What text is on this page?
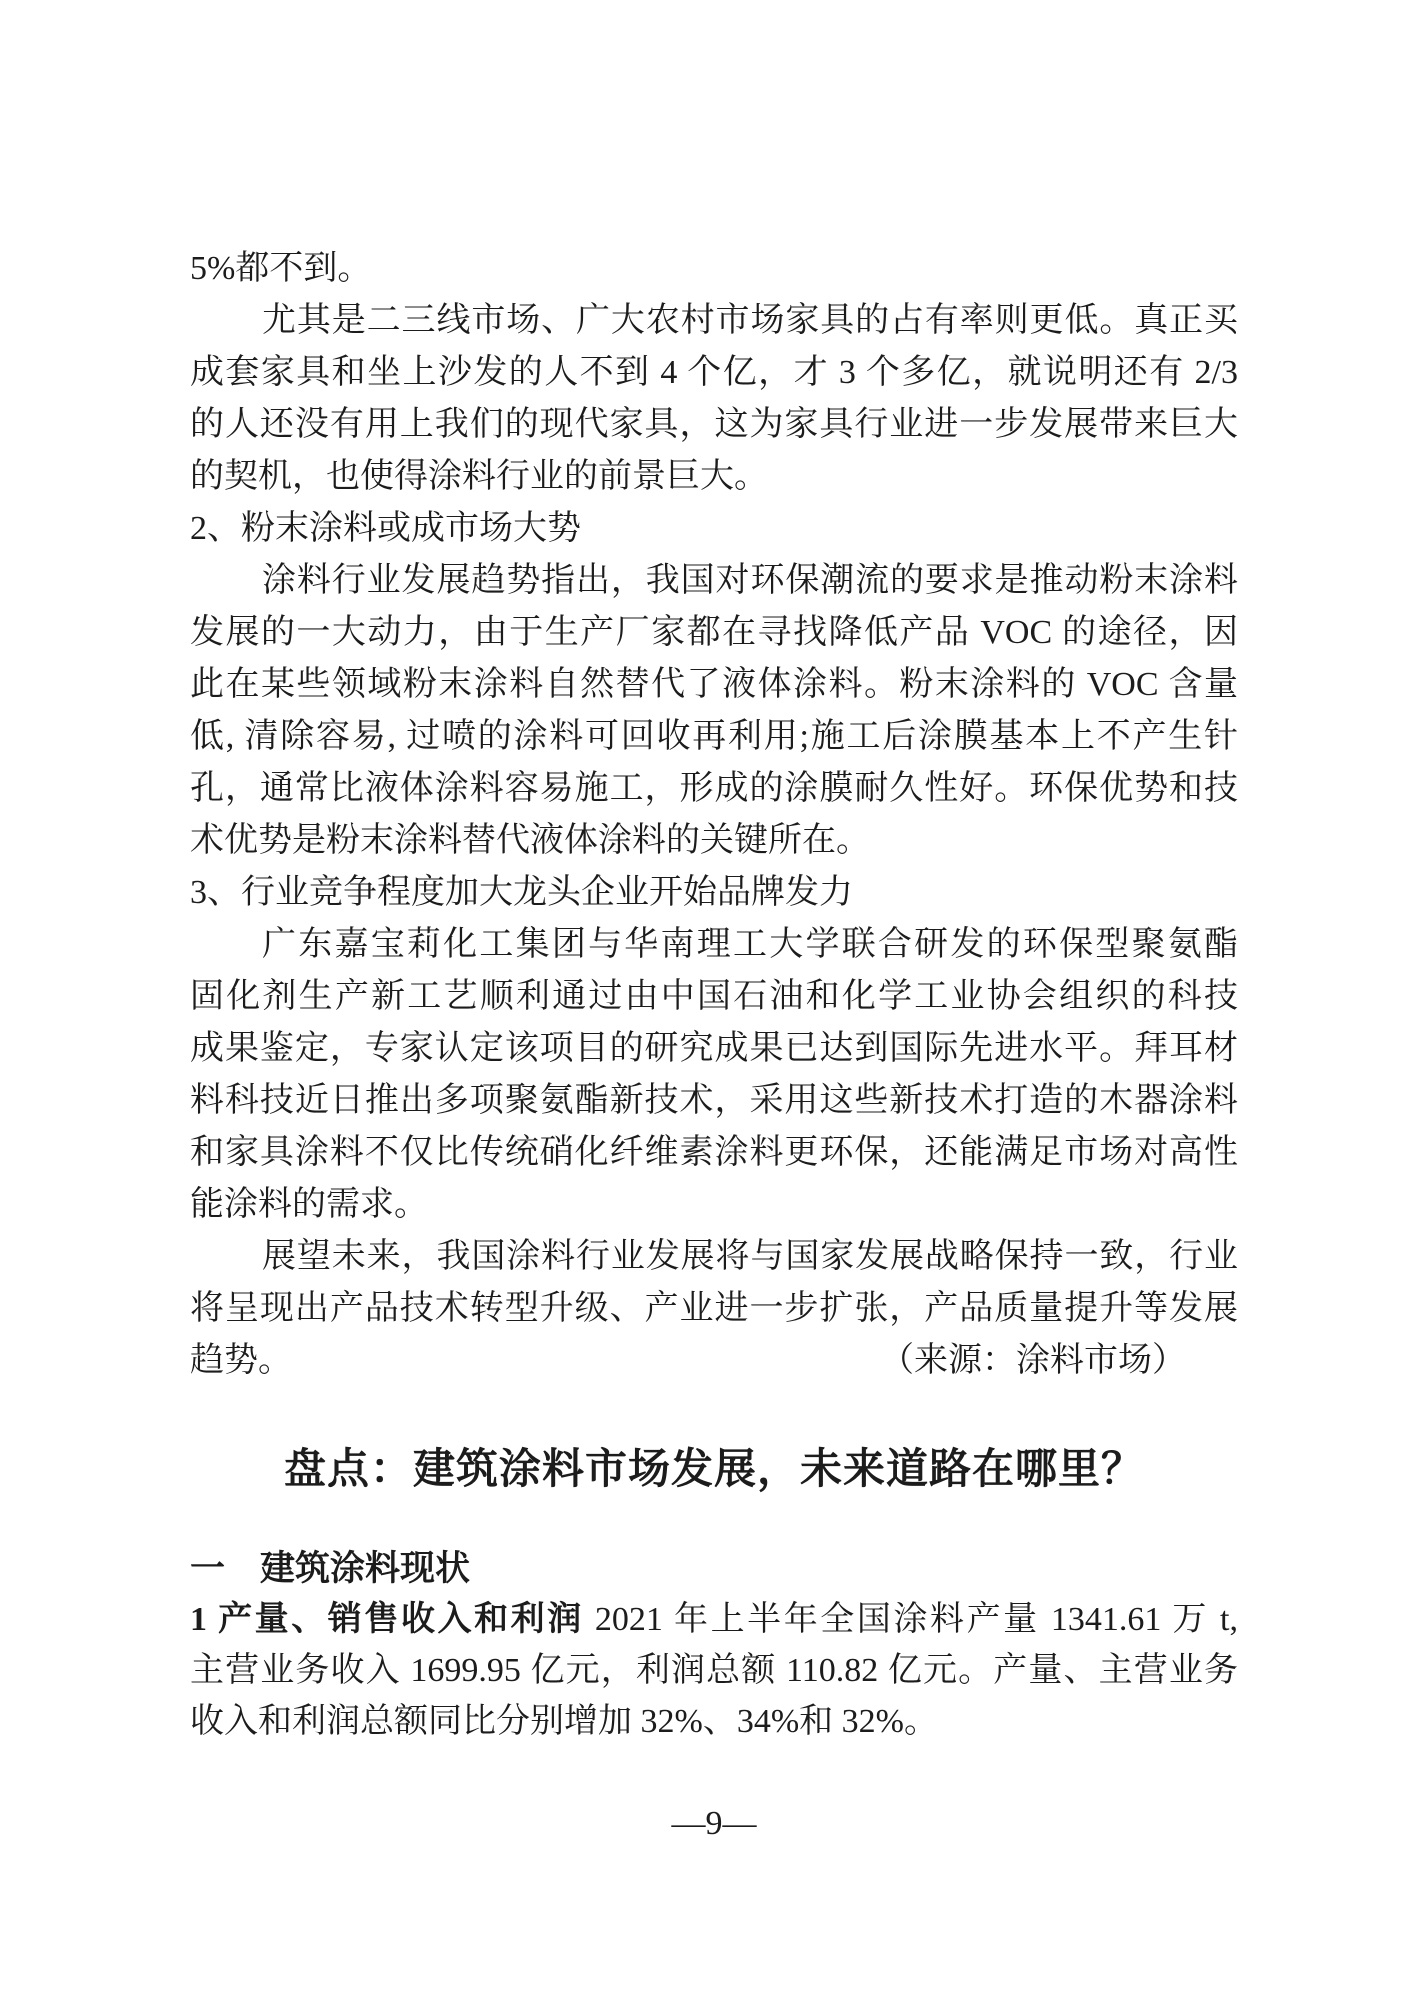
5%都不到。
尤其是二三线市场、广大农村市场家具的占有率则更低。真正买
成套家具和坐上沙发的人不到 4 个亿，才 3 个多亿，就说明还有 2/3
的人还没有用上我们的现代家具，这为家具行业进一步发展带来巨大
的契机，也使得涂料行业的前景巨大。
2、粉末涂料或成市场大势
涂料行业发展趋势指出，我国对环保潮流的要求是推动粉末涂料
发展的一大动力，由于生产厂家都在寻找降低产品 VOC 的途径，因
此在某些领域粉末涂料自然替代了液体涂料。粉末涂料的 VOC 含量
低, 清除容易, 过喷的涂料可回收再利用;施工后涂膜基本上不产生针
孔，通常比液体涂料容易施工，形成的涂膜耐久性好。环保优势和技
术优势是粉末涂料替代液体涂料的关键所在。
3、行业竞争程度加大龙头企业开始品牌发力
广东嘉宝莉化工集团与华南理工大学联合研发的环保型聚氨酯
固化剂生产新工艺顺利通过由中国石油和化学工业协会组织的科技
成果鉴定，专家认定该项目的研究成果已达到国际先进水平。拜耳材
料科技近日推出多项聚氨酯新技术，采用这些新技术打造的木器涂料
和家具涂料不仅比传统硝化纤维素涂料更环保，还能满足市场对高性
能涂料的需求。
展望未来，我国涂料行业发展将与国家发展战略保持一致，行业
将呈现出产品技术转型升级、产业进一步扩张，产品质量提升等发展
趋势。	（来源：涂料市场）
盘点：建筑涂料市场发展，未来道路在哪里？
一　建筑涂料现状
1 产量、销售收入和利润 2021 年上半年全国涂料产量 1341.61 万 t,
主营业务收入 1699.95 亿元，利润总额 110.82 亿元。产量、主营业务
收入和利润总额同比分别增加 32%、34%和 32%。
—9—
